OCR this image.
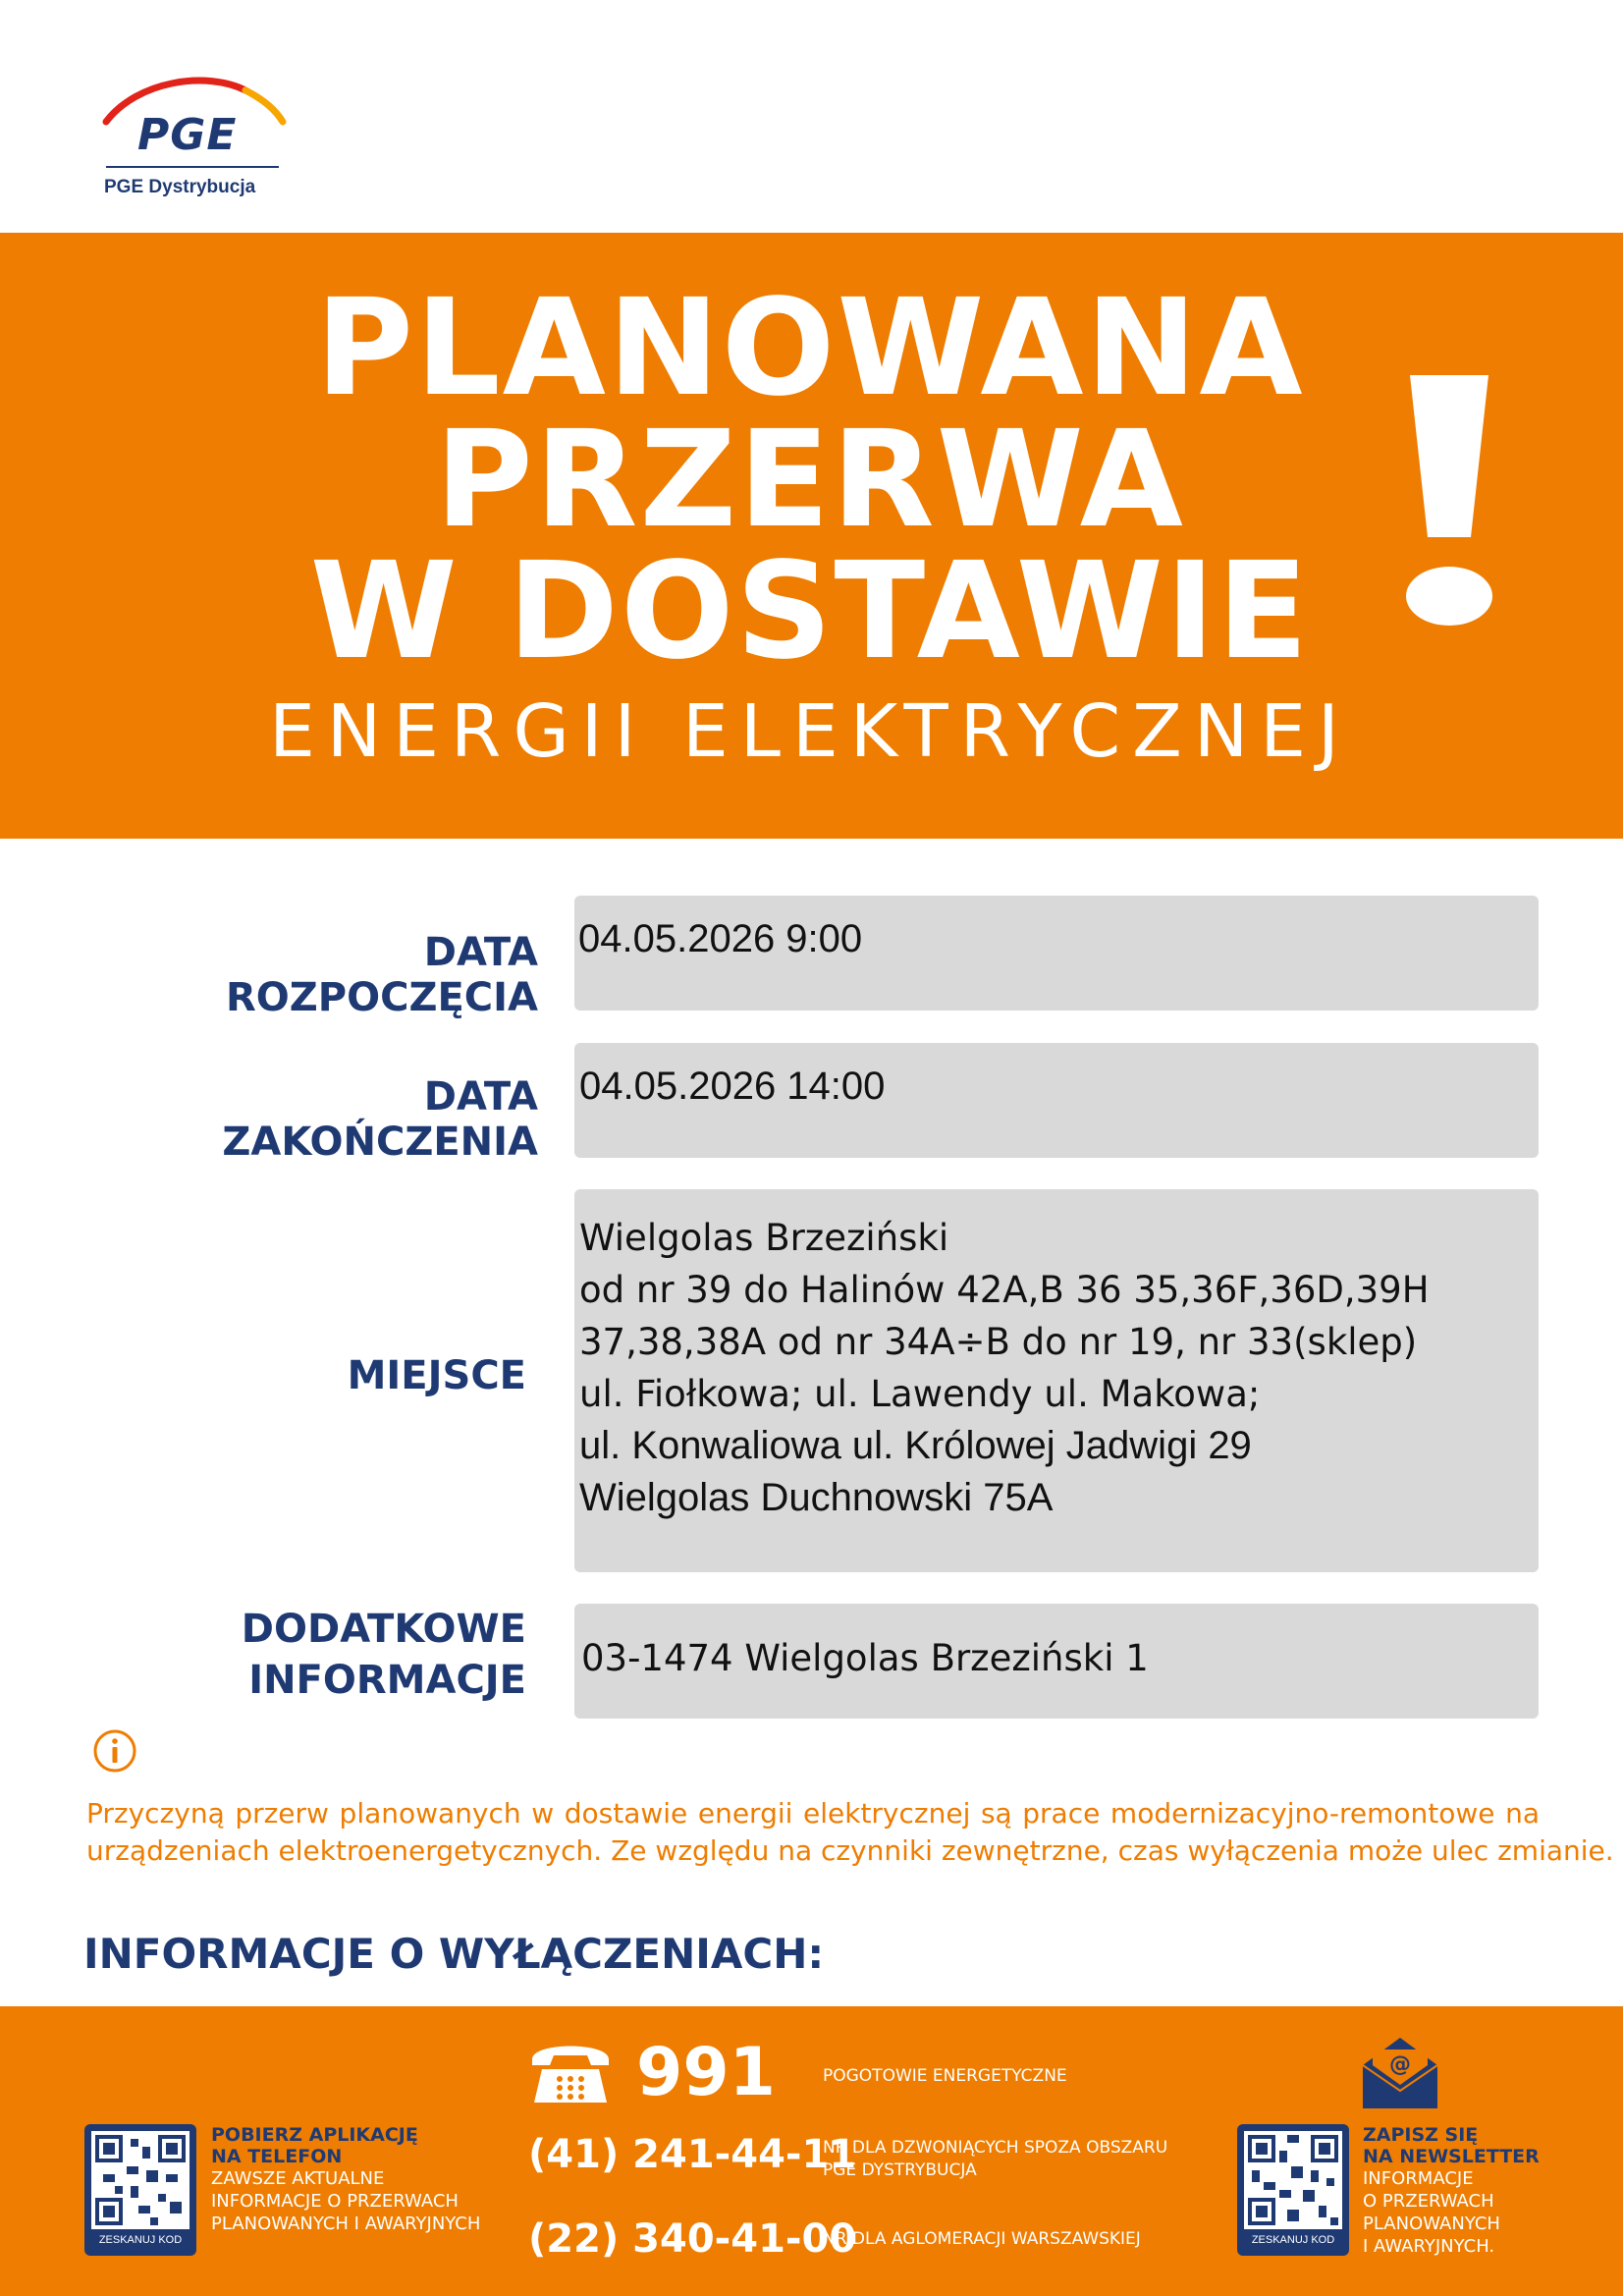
PGE
PGE Dystrybucja
PLANOWANA
PRZERWA
W DOSTAWIE
ENERGII ELEKTRYCZNEJ
DATA ROZPOCZĘCIA
04.05.2026 9:00
DATA ZAKOŃCZENIA
04.05.2026 14:00
MIEJSCE
Wielgolas Brzeziński
od nr 39 do Halinów 42A,B 36 35,36F,36D,39H
37,38,38A od nr 34A÷B do nr 19, nr 33(sklep)
ul. Fiołkowa; ul. Lawendy ul. Makowa;
ul. Konwaliowa ul. Królowej Jadwigi 29
Wielgolas Duchnowski 75A
DODATKOWE
INFORMACJE 03-1474 Wielgolas Brzeziński 1
Przyczyną przerw planowanych w dostawie energii elektrycznej są prace modernizacyjno-remontowe na
urządzeniach elektroenergetycznych. Ze względu na czynniki zewnętrzne, czas wyłączenia może ulec zmianie.
INFORMACJE O WYŁĄCZENIACH:
ZESKANUJ KOD
POBIERZ APLIKACJĘ
NA TELEFON
ZAWSZE AKTUALNE
INFORMACJE O PRZERWACH
PLANOWANYCH I AWARYJNYCH
991	POGOTOWIE ENERGETYCZNE
(41) 241-44-11
NR DLA DZWONIĄCYCH SPOZA OBSZARU
PGE DYSTRYBUCJA
(22) 340-41-00
NR DLA AGLOMERACJI WARSZAWSKIEJ
@
ZESKANUJ KOD
ZAPISZ SIĘ
NA NEWSLETTER
INFORMACJE
O PRZERWACH
PLANOWANYCH
I AWARYJNYCH.
